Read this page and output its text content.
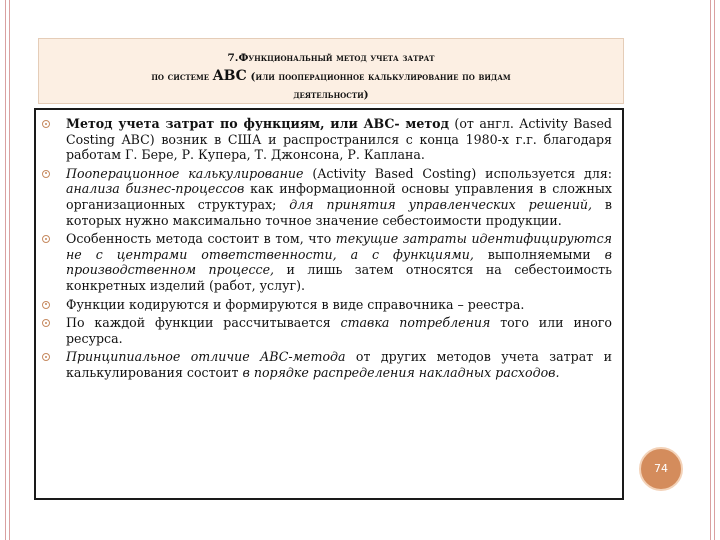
7.Функциональный метод учета затрат
по системе ABC (или пооперационное калькулирование по видам
деятельности)
Метод учета затрат по функциям, или ABC- метод (от англ. Activity Based Costing ABC) возник в США и распространился с конца 1980-х г.г. благодаря работам Г. Бере, Р. Купера, Т. Джонсона, Р. Каплана.
Пооперационное калькулирование (Activity Based Costing) используется для: анализа бизнес-процессов как информационной основы управления в сложных организационных структурах; для принятия управленческих решений, в которых нужно максимально точное значение себестоимости продукции.
Особенность метода состоит в том, что текущие затраты идентифицируются не с центрами ответственности, а с функциями, выполняемыми в производственном процессе, и лишь затем относятся на себестоимость конкретных изделий (работ, услуг).
Функции кодируются и формируются в виде справочника – реестра.
По каждой функции рассчитывается ставка потребления того или иного ресурса.
Принципиальное отличие ABC-метода от других методов учета затрат и калькулирования состоит в порядке распределения накладных расходов.
74
